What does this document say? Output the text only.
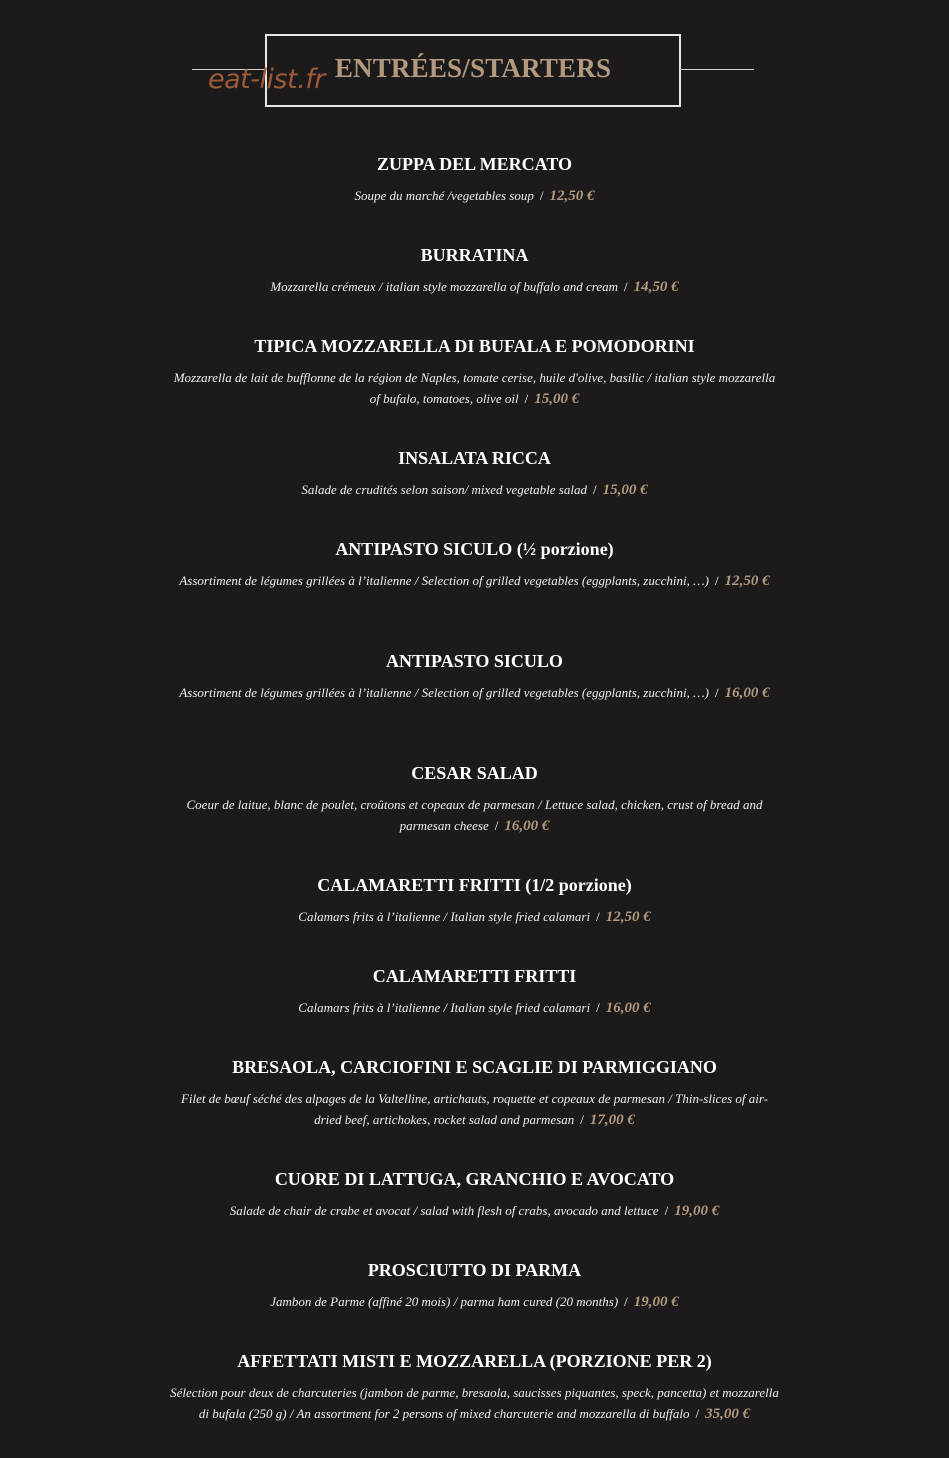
ENTRÉES/STARTERS
eat-list.fr
ZUPPA DEL MERCATO

Soupe du marché /vegetables soup / 12,50 €

BURRATINA

Mozzarella crémeux / italian style mozzarella of buffalo and cream / 14,50 €

TIPICA MOZZARELLA DI BUFALA E POMODORINI

Mozzarella de lait de bufflonne de la région de Naples, tomate cerise, huile d'olive, basilic / italian style mozzarella of bufalo, tomatoes, olive oil / 15,00 €

INSALATA RICCA

Salade de crudités selon saison/ mixed vegetable salad / 15,00 €

ANTIPASTO SICULO (½ porzione)

Assortiment de légumes grillées à l’italienne / Selection of grilled vegetables (eggplants, zucchini, …) / 12,50 €

ANTIPASTO SICULO

Assortiment de légumes grillées à l’italienne / Selection of grilled vegetables (eggplants, zucchini, …) / 16,00 €

CESAR SALAD

Coeur de laitue, blanc de poulet, croûtons et copeaux de parmesan / Lettuce salad, chicken, crust of bread and parmesan cheese / 16,00 €

CALAMARETTI FRITTI (1/2 porzione)

Calamars frits à l’italienne / Italian style fried calamari / 12,50 €

CALAMARETTI FRITTI

Calamars frits à l’italienne / Italian style fried calamari / 16,00 €

BRESAOLA, CARCIOFINI E SCAGLIE DI PARMIGGIANO

Filet de bœuf séché des alpages de la Valtelline, artichauts, roquette et copeaux de parmesan / Thin-slices of air-dried beef, artichokes, rocket salad and parmesan / 17,00 €

CUORE DI LATTUGA, GRANCHIO E AVOCATO

Salade de chair de crabe et avocat / salad with flesh of crabs, avocado and lettuce / 19,00 €

PROSCIUTTO DI PARMA

Jambon de Parme (affiné 20 mois) / parma ham cured (20 months) / 19,00 €

AFFETTATI MISTI E MOZZARELLA (PORZIONE PER 2)

Sélection pour deux de charcuteries (jambon de parme, bresaola, saucisses piquantes, speck, pancetta) et mozzarella di bufala (250 g) / An assortment for 2 persons of mixed charcuterie and mozzarella di buffalo / 35,00 €
